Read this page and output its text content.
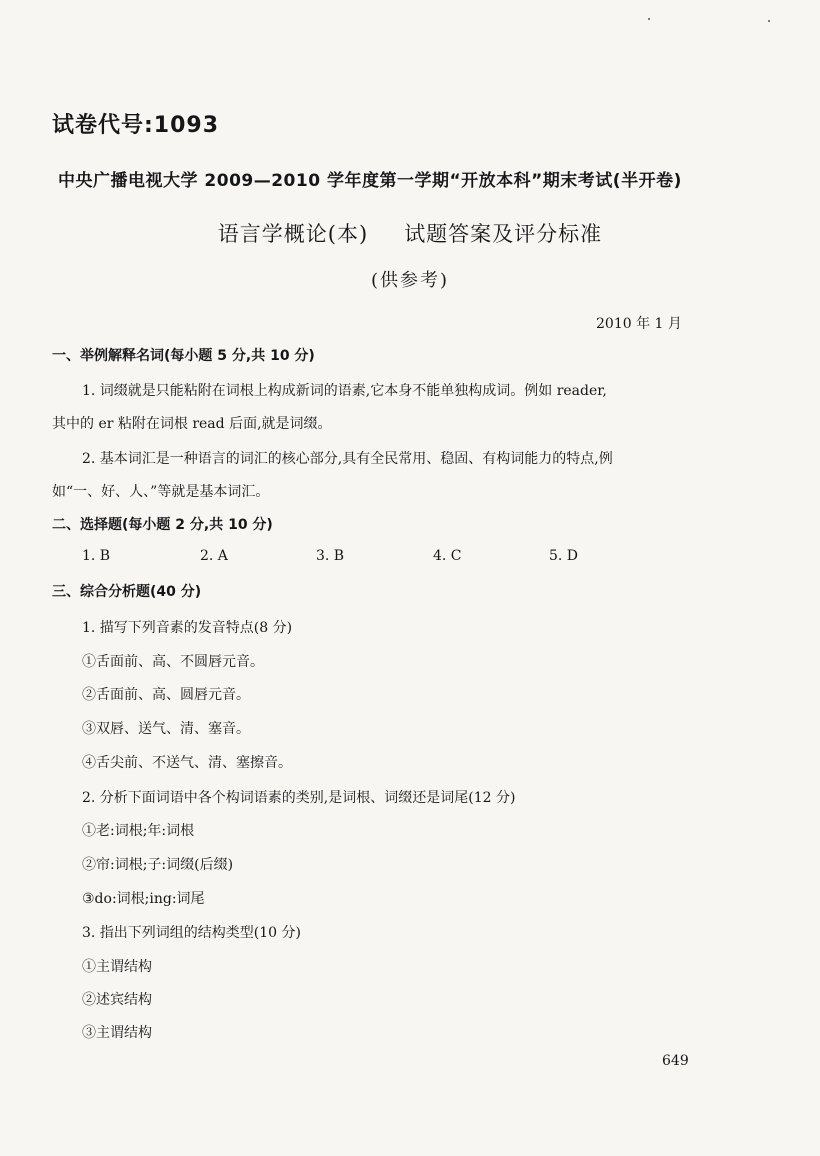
试卷代号:1093
中央广播电视大学 2009—2010 学年度第一学期“开放本科”期末考试(半开卷)
语言学概论(本) 试题答案及评分标准
(供参考)
2010 年 1 月
一、举例解释名词(每小题 5 分,共 10 分)
1. 词缀就是只能粘附在词根上构成新词的语素,它本身不能单独构成词。例如 reader,
其中的 er 粘附在词根 read 后面,就是词缀。
2. 基本词汇是一种语言的词汇的核心部分,具有全民常用、稳固、有构词能力的特点,例
如“一、好、人、”等就是基本词汇。
二、选择题(每小题 2 分,共 10 分)
1. B	2. A	3. B	4. C	5. D
三、综合分析题(40 分)
1. 描写下列音素的发音特点(8 分)
①舌面前、高、不圆唇元音。
②舌面前、高、圆唇元音。
③双唇、送气、清、塞音。
④舌尖前、不送气、清、塞擦音。
2. 分析下面词语中各个构词语素的类别,是词根、词缀还是词尾(12 分)
①老:词根;年:词根
②帘:词根;子:词缀(后缀)
③do:词根;ing:词尾
3. 指出下列词组的结构类型(10 分)
①主谓结构
②述宾结构
③主谓结构
649
